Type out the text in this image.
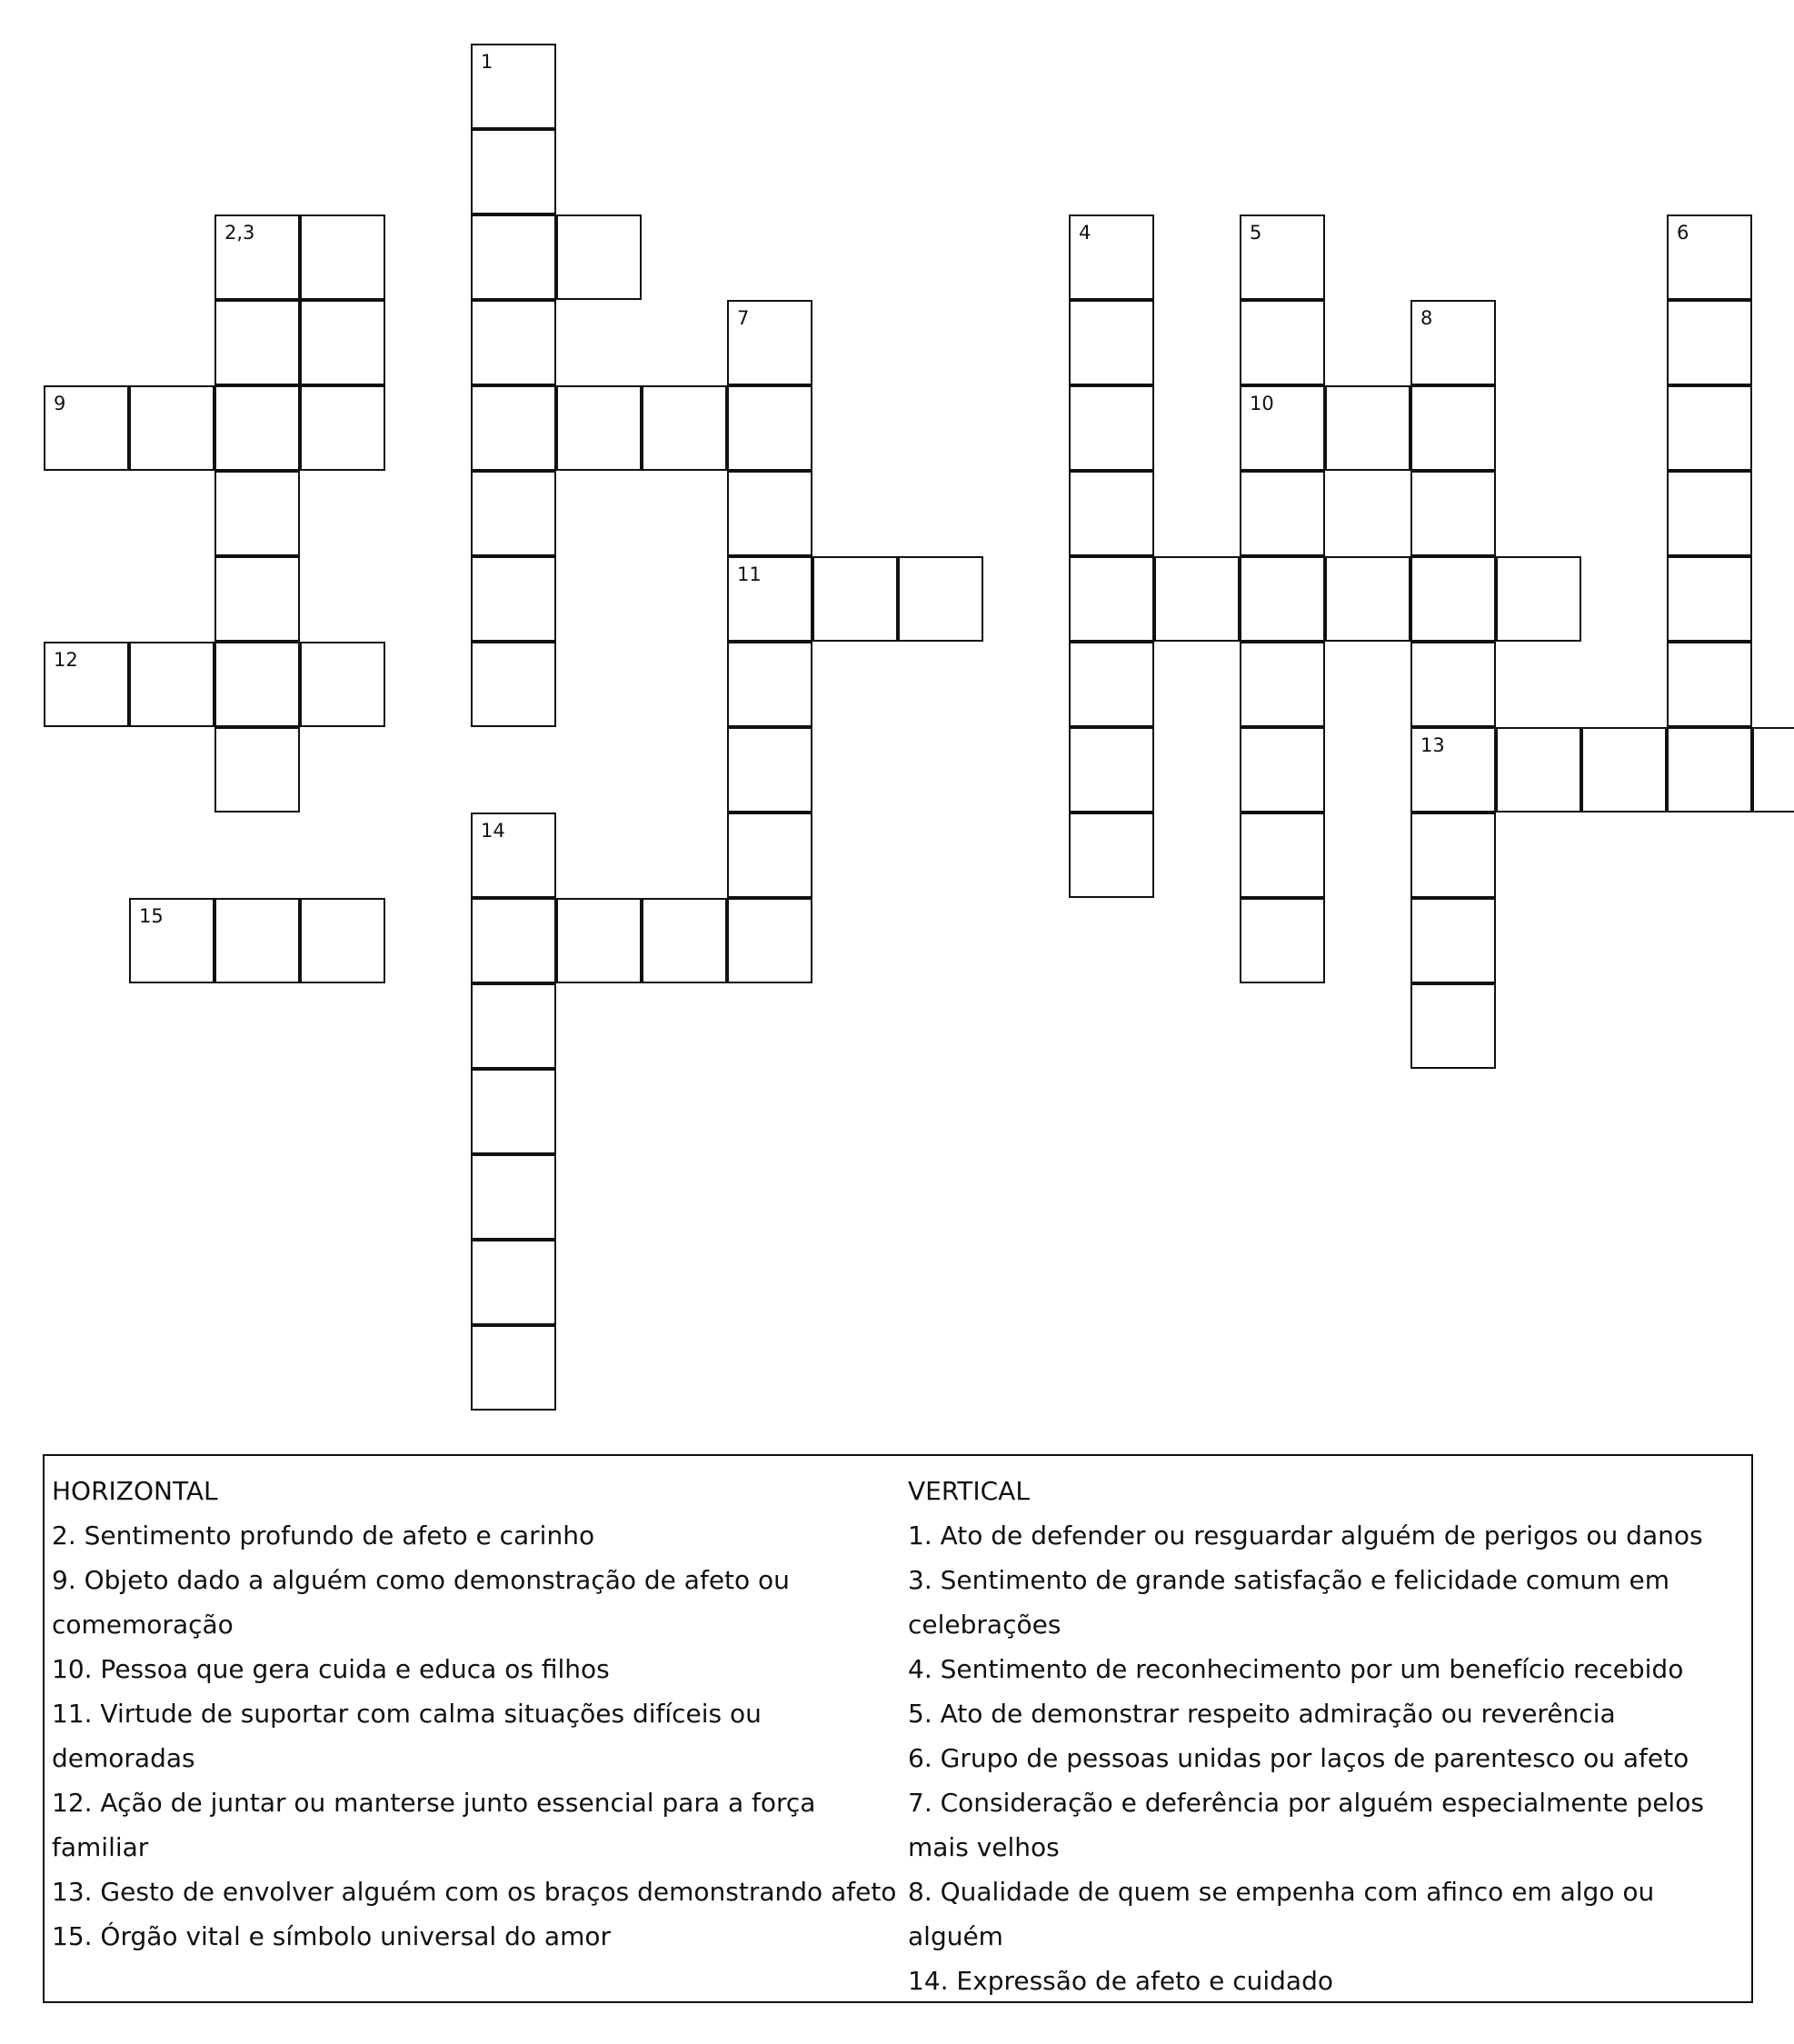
1
2,3	4	5	6
7	8
9	10
11
12
13
14
15

HORIZONTAL

2. Sentimento profundo de afeto e carinho

9. Objeto dado a alguém como demonstração de afeto ou comemoração

10. Pessoa que gera cuida e educa os filhos

11. Virtude de suportar com calma situações difíceis ou demoradas

12. Ação de juntar ou manterse junto essencial para a força familiar

13. Gesto de envolver alguém com os braços demonstrando afeto

15. Órgão vital e símbolo universal do amor

VERTICAL

1. Ato de defender ou resguardar alguém de perigos ou danos

3. Sentimento de grande satisfação e felicidade comum em celebrações

4. Sentimento de reconhecimento por um benefício recebido

5. Ato de demonstrar respeito admiração ou reverência

6. Grupo de pessoas unidas por laços de parentesco ou afeto

7. Consideração e deferência por alguém especialmente pelos mais velhos

8. Qualidade de quem se empenha com afinco em algo ou alguém

14. Expressão de afeto e cuidado
